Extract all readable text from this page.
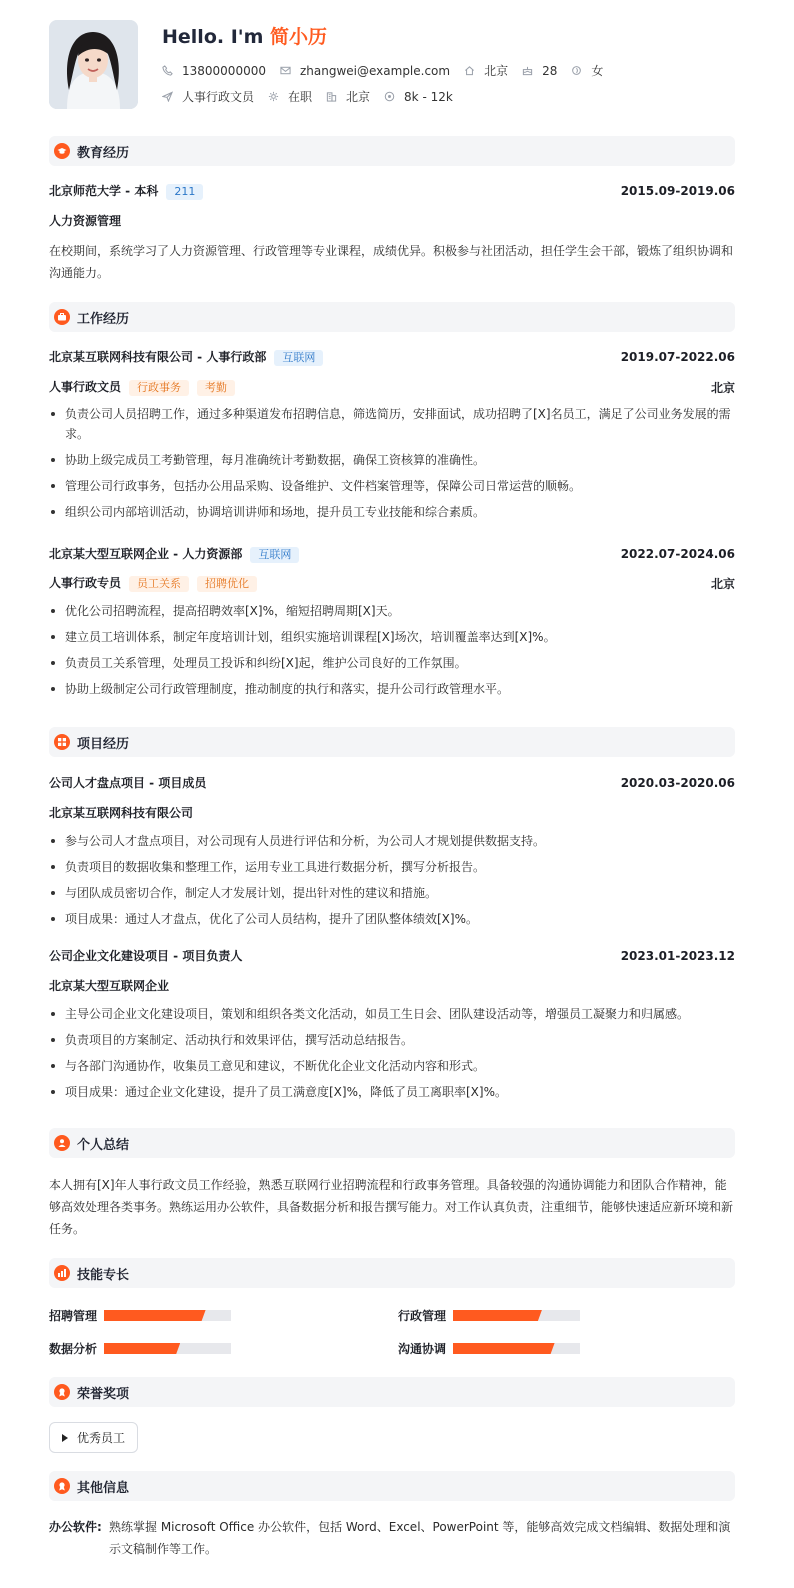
Hello. I'm 简小历
13800000000	zhangwei@example.com	北京	28	女
人事行政文员	在职	北京	8k - 12k
教育经历
北京师范大学 - 本科 211	2015.09-2019.06
人力资源管理
在校期间，系统学习了人力资源管理、行政管理等专业课程，成绩优异。积极参与社团活动，担任学生会干部，锻炼了组织协调和沟通能力。
工作经历
北京某互联网科技有限公司 - 人事行政部 互联网	2019.07-2022.06
人事行政文员 行政事务 考勤	北京
负责公司人员招聘工作，通过多种渠道发布招聘信息，筛选简历，安排面试，成功招聘了[X]名员工，满足了公司业务发展的需求。
协助上级完成员工考勤管理，每月准确统计考勤数据，确保工资核算的准确性。
管理公司行政事务，包括办公用品采购、设备维护、文件档案管理等，保障公司日常运营的顺畅。
组织公司内部培训活动，协调培训讲师和场地，提升员工专业技能和综合素质。
北京某大型互联网企业 - 人力资源部 互联网	2022.07-2024.06
人事行政专员 员工关系 招聘优化	北京
优化公司招聘流程，提高招聘效率[X]%，缩短招聘周期[X]天。
建立员工培训体系，制定年度培训计划，组织实施培训课程[X]场次，培训覆盖率达到[X]%。
负责员工关系管理，处理员工投诉和纠纷[X]起，维护公司良好的工作氛围。
协助上级制定公司行政管理制度，推动制度的执行和落实，提升公司行政管理水平。
项目经历
公司人才盘点项目 - 项目成员	2020.03-2020.06
北京某互联网科技有限公司
参与公司人才盘点项目，对公司现有人员进行评估和分析，为公司人才规划提供数据支持。
负责项目的数据收集和整理工作，运用专业工具进行数据分析，撰写分析报告。
与团队成员密切合作，制定人才发展计划，提出针对性的建议和措施。
项目成果：通过人才盘点，优化了公司人员结构，提升了团队整体绩效[X]%。
公司企业文化建设项目 - 项目负责人	2023.01-2023.12
北京某大型互联网企业
主导公司企业文化建设项目，策划和组织各类文化活动，如员工生日会、团队建设活动等，增强员工凝聚力和归属感。
负责项目的方案制定、活动执行和效果评估，撰写活动总结报告。
与各部门沟通协作，收集员工意见和建议，不断优化企业文化活动内容和形式。
项目成果：通过企业文化建设，提升了员工满意度[X]%，降低了员工离职率[X]%。
个人总结
本人拥有[X]年人事行政文员工作经验，熟悉互联网行业招聘流程和行政事务管理。具备较强的沟通协调能力和团队合作精神，能够高效处理各类事务。熟练运用办公软件，具备数据分析和报告撰写能力。对工作认真负责，注重细节，能够快速适应新环境和新任务。
技能专长
招聘管理	行政管理
数据分析	沟通协调
荣誉奖项
优秀员工
其他信息
办公软件: 熟练掌握 Microsoft Office 办公软件，包括 Word、Excel、PowerPoint 等，能够高效完成文档编辑、数据处理和演示文稿制作等工作。
